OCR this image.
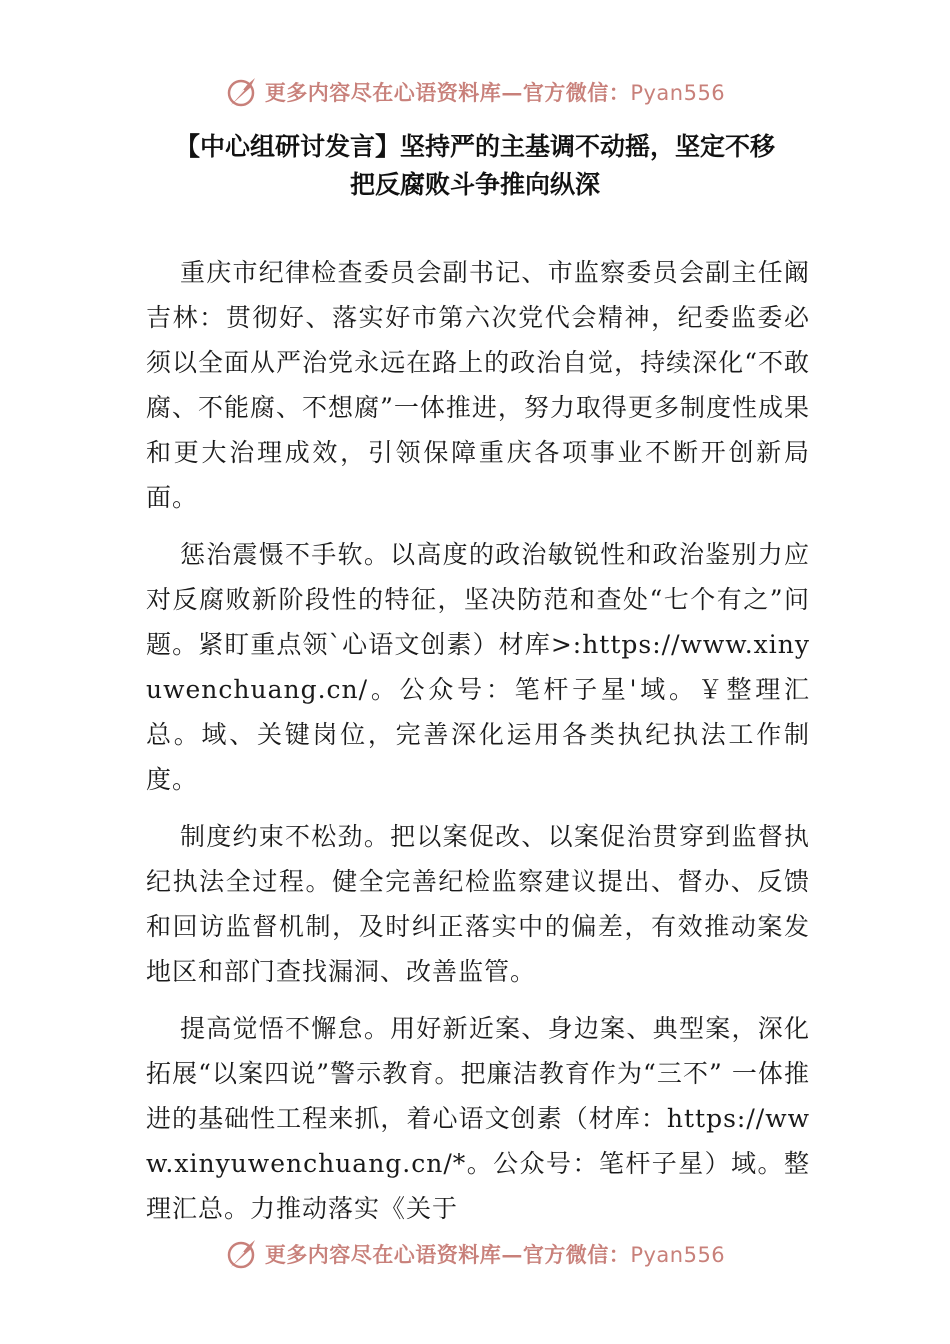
更多内容尽在心语资料库—官方微信：Pyan556
【中心组研讨发言】坚持严的主基调不动摇，坚定不移
把反腐败斗争推向纵深

重庆市纪律检查委员会副书记、市监察委员会副主任阚吉林：贯彻好、落实好市第六次党代会精神，纪委监委必须以全面从严治党永远在路上的政治自觉，持续深化“不敢腐、不能腐、不想腐”一体推进，努力取得更多制度性成果和更大治理成效，引领保障重庆各项事业不断开创新局面。

惩治震慑不手软。以高度的政治敏锐性和政治鉴别力应对反腐败新阶段性的特征，坚决防范和查处“七个有之”问题。紧盯重点领`心语文创素）材库>:https://www.xinyuwenchuang.cn/。公众号：笔杆子星'域。￥整理汇总。域、关键岗位，完善深化运用各类执纪执法工作制度。

制度约束不松劲。把以案促改、以案促治贯穿到监督执纪执法全过程。健全完善纪检监察建议提出、督办、反馈和回访监督机制，及时纠正落实中的偏差，有效推动案发地区和部门查找漏洞、改善监管。

提高觉悟不懈怠。用好新近案、身边案、典型案，深化拓展“以案四说”警示教育。把廉洁教育作为“三不” 一体推进的基础性工程来抓，着心语文创素（材库：https://www.xinyuwenchuang.cn/*。公众号：笔杆子星）域。整理汇总。力推动落实《关于

更多内容尽在心语资料库—官方微信：Pyan556
